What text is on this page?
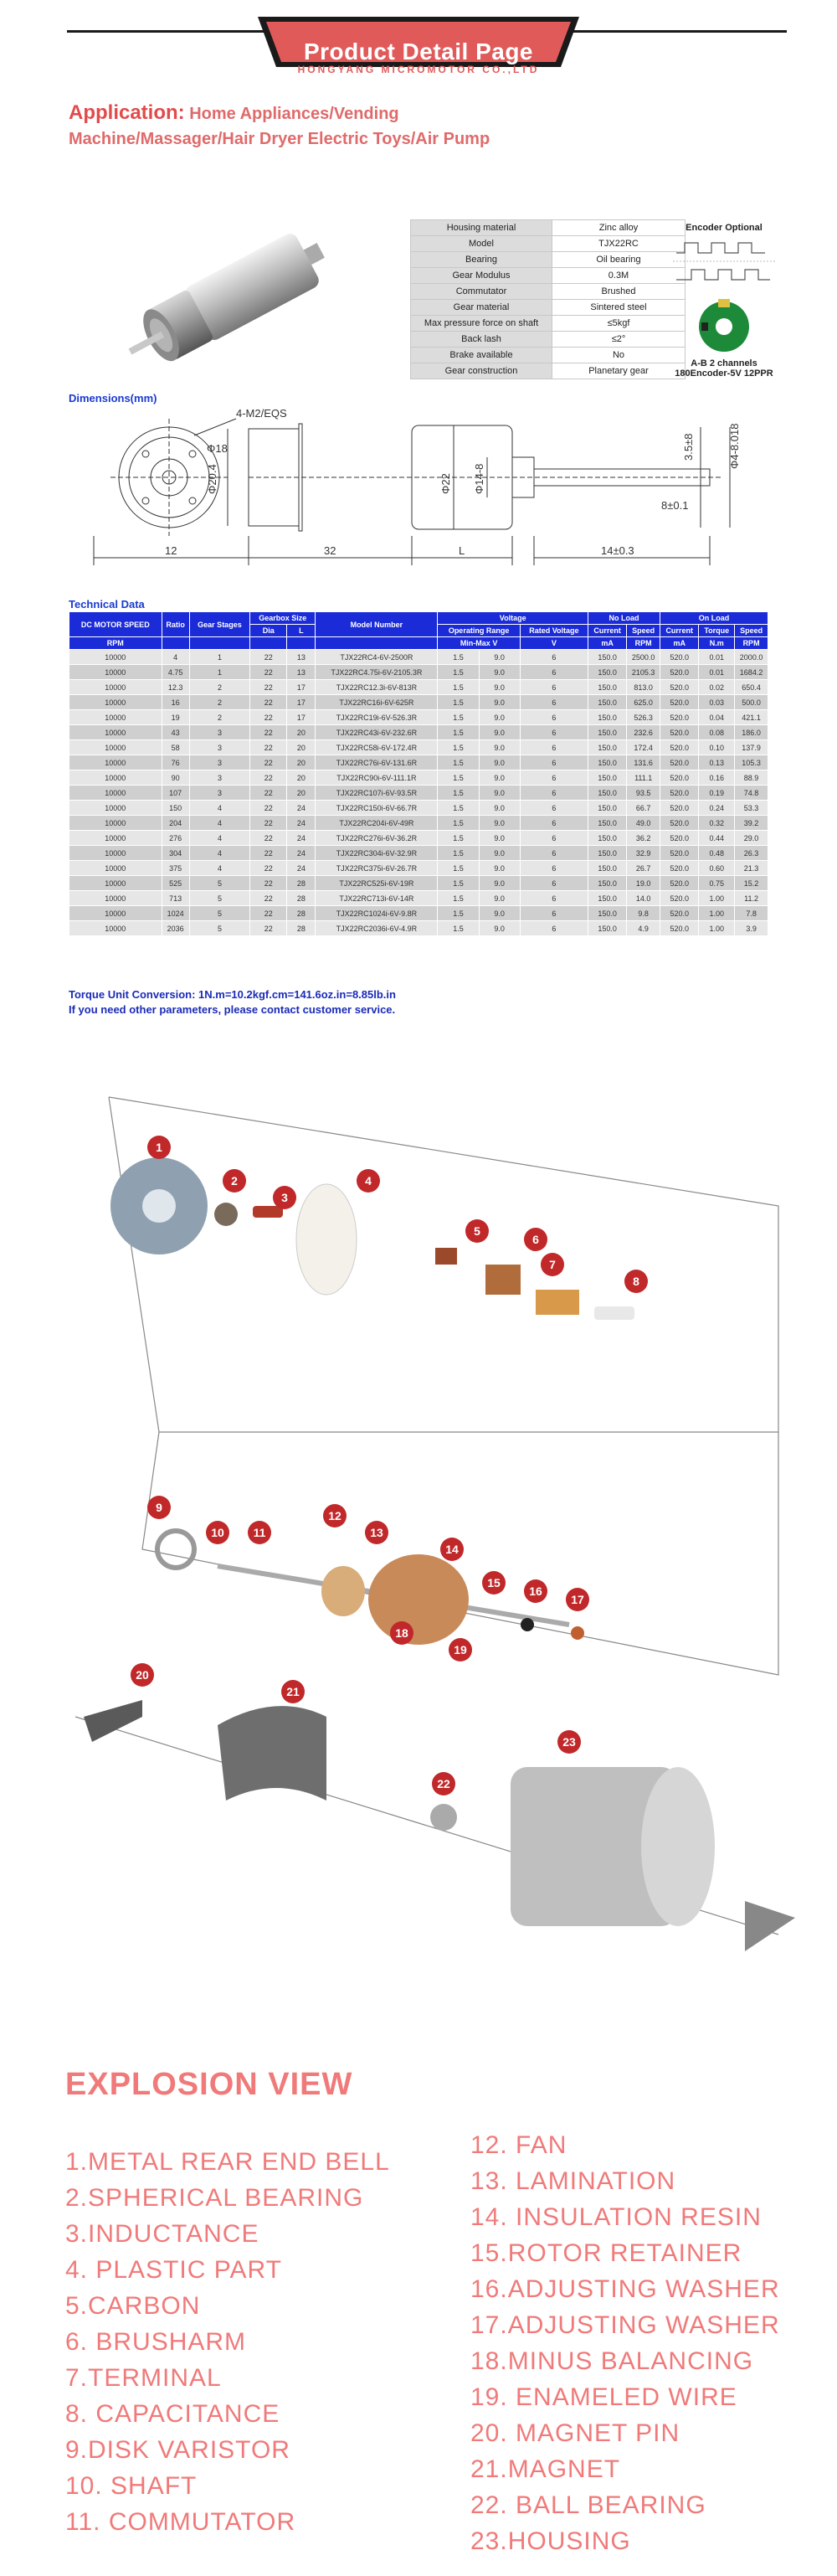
Product Detail Page
HONGYANG MICROMOTOR CO.,LTD
Application: Home Appliances/Vending
Machine/Massager/Hair Dryer Electric Toys/Air Pump
Housing material	Zinc alloy
Model	TJX22RC
Bearing	Oil bearing
Gear Modulus	0.3M
Commutator	Brushed
Gear material	Sintered steel
Max pressure force on shaft	≤5kgf
Back lash	≤2°
Brake available	No
Gear construction	Planetary gear
Encoder Optional

A-B 2 channels
180Encoder-5V 12PPR
Dimensions(mm)
4-M2/EQS
Φ18
Φ20.4	Φ22 Φ14-8
12	32	L	14±0.3
8±0.1
3.5±8	Φ4-8.018
Technical Data
DC MOTOR SPEED	Ratio	Gear Stages	Gearbox Size		Model Number	Voltage			No Load		On Load		
			Dia	L		Operating Range		Rated Voltage	Current	Speed	Current	Torque	Speed
RPM						Min-Max V		V	mA	RPM	mA	N.m	RPM
10000	4	1	22	13	TJX22RC4-6V-2500R	1.5	9.0	6	150.0	2500.0	520.0	0.01	2000.0
10000	4.75	1	22	13	TJX22RC4.75i-6V-2105.3R	1.5	9.0	6	150.0	2105.3	520.0	0.01	1684.2
10000	12.3	2	22	17	TJX22RC12.3i-6V-813R	1.5	9.0	6	150.0	813.0	520.0	0.02	650.4
10000	16	2	22	17	TJX22RC16i-6V-625R	1.5	9.0	6	150.0	625.0	520.0	0.03	500.0
10000	19	2	22	17	TJX22RC19i-6V-526.3R	1.5	9.0	6	150.0	526.3	520.0	0.04	421.1
10000	43	3	22	20	TJX22RC43i-6V-232.6R	1.5	9.0	6	150.0	232.6	520.0	0.08	186.0
10000	58	3	22	20	TJX22RC58i-6V-172.4R	1.5	9.0	6	150.0	172.4	520.0	0.10	137.9
10000	76	3	22	20	TJX22RC76i-6V-131.6R	1.5	9.0	6	150.0	131.6	520.0	0.13	105.3
10000	90	3	22	20	TJX22RC90i-6V-111.1R	1.5	9.0	6	150.0	111.1	520.0	0.16	88.9
10000	107	3	22	20	TJX22RC107i-6V-93.5R	1.5	9.0	6	150.0	93.5	520.0	0.19	74.8
10000	150	4	22	24	TJX22RC150i-6V-66.7R	1.5	9.0	6	150.0	66.7	520.0	0.24	53.3
10000	204	4	22	24	TJX22RC204i-6V-49R	1.5	9.0	6	150.0	49.0	520.0	0.32	39.2
10000	276	4	22	24	TJX22RC276i-6V-36.2R	1.5	9.0	6	150.0	36.2	520.0	0.44	29.0
10000	304	4	22	24	TJX22RC304i-6V-32.9R	1.5	9.0	6	150.0	32.9	520.0	0.48	26.3
10000	375	4	22	24	TJX22RC375i-6V-26.7R	1.5	9.0	6	150.0	26.7	520.0	0.60	21.3
10000	525	5	22	28	TJX22RC525i-6V-19R	1.5	9.0	6	150.0	19.0	520.0	0.75	15.2
10000	713	5	22	28	TJX22RC713i-6V-14R	1.5	9.0	6	150.0	14.0	520.0	1.00	11.2
10000	1024	5	22	28	TJX22RC1024i-6V-9.8R	1.5	9.0	6	150.0	9.8	520.0	1.00	7.8
10000	2036	5	22	28	TJX22RC2036i-6V-4.9R	1.5	9.0	6	150.0	4.9	520.0	1.00	3.9
Torque Unit Conversion: 1N.m=10.2kgf.cm=141.6oz.in=8.85lb.in
If you need other parameters, please contact customer service.
1
2
3
4
5
6
7
8
9
10 11
12
13
14
15
16
17
18
19
20
21
22
23
EXPLOSION VIEW
1.METAL REAR END BELL
2.SPHERICAL BEARING
3.INDUCTANCE
4. PLASTIC PART
5.CARBON
6. BRUSHARM
7.TERMINAL
8. CAPACITANCE
9.DISK VARISTOR
10. SHAFT
11. COMMUTATOR
12. FAN
13. LAMINATION
14. INSULATION RESIN
15.ROTOR RETAINER
16.ADJUSTING WASHER
17.ADJUSTING WASHER
18.MINUS BALANCING
19. ENAMELED WIRE
20. MAGNET PIN
21.MAGNET
22. BALL BEARING
23.HOUSING
